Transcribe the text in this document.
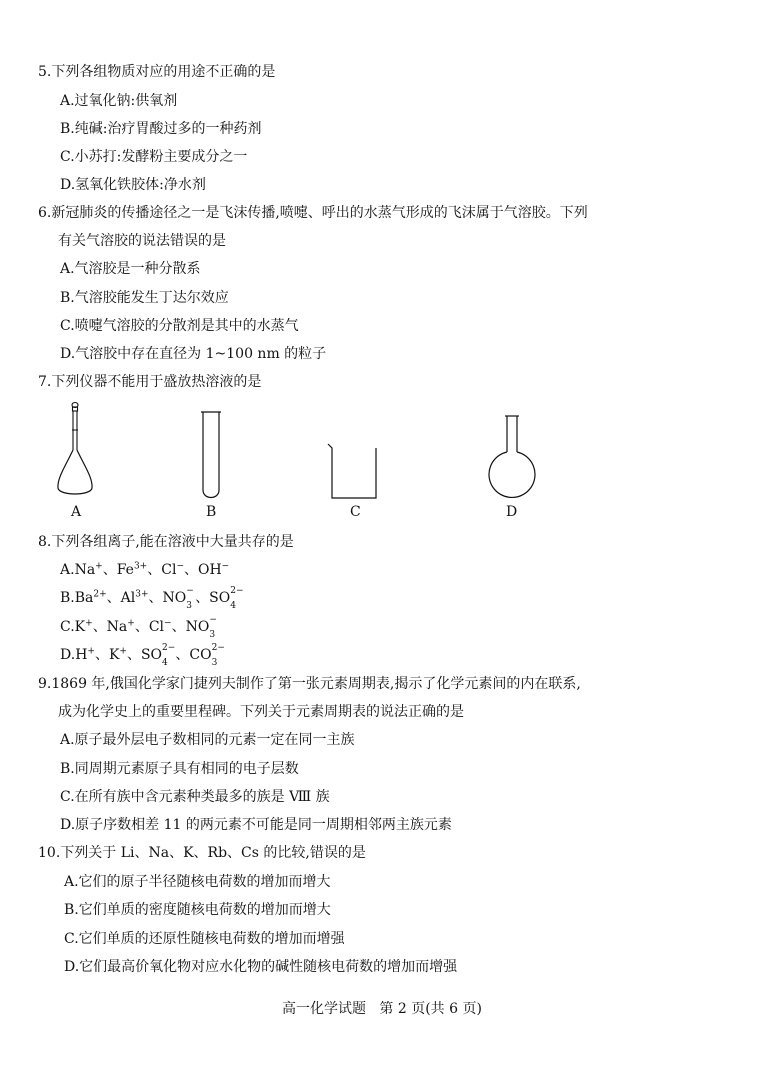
5.下列各组物质对应的用途不正确的是
A.过氧化钠:供氧剂
B.纯碱:治疗胃酸过多的一种药剂
C.小苏打:发酵粉主要成分之一
D.氢氧化铁胶体:净水剂
6.新冠肺炎的传播途径之一是飞沫传播,喷嚏、呼出的水蒸气形成的飞沫属于气溶胶。下列
有关气溶胶的说法错误的是
A.气溶胶是一种分散系
B.气溶胶能发生丁达尔效应
C.喷嚏气溶胶的分散剂是其中的水蒸气
D.气溶胶中存在直径为 1~100 nm 的粒子
7.下列仪器不能用于盛放热溶液的是
A	B	C	D
8.下列各组离子,能在溶液中大量共存的是
A.Na+、$Fe^{3+}$、Cl−、OH−
$B.Ba^{2+}$、$Al^{3+}$、NO −
3 、SO 2−
4

C.K+、Na+、Cl−、NO −
3

D.H+、K+、SO 2−
4 、CO 2−
3

9.1869 年,俄国化学家门捷列夫制作了第一张元素周期表,揭示了化学元素间的内在联系,
成为化学史上的重要里程碑。下列关于元素周期表的说法正确的是
A.原子最外层电子数相同的元素一定在同一主族
B.同周期元素原子具有相同的电子层数
C.在所有族中含元素种类最多的族是 Ⅷ 族
D.原子序数相差 11 的两元素不可能是同一周期相邻两主族元素
10.下列关于 Li、Na、K、Rb、Cs 的比较,错误的是
A.它们的原子半径随核电荷数的增加而增大
B.它们单质的密度随核电荷数的增加而增大
C.它们单质的还原性随核电荷数的增加而增强
D.它们最高价氧化物对应水化物的碱性随核电荷数的增加而增强
高一化学试题   第 2 页(共 6 页)
